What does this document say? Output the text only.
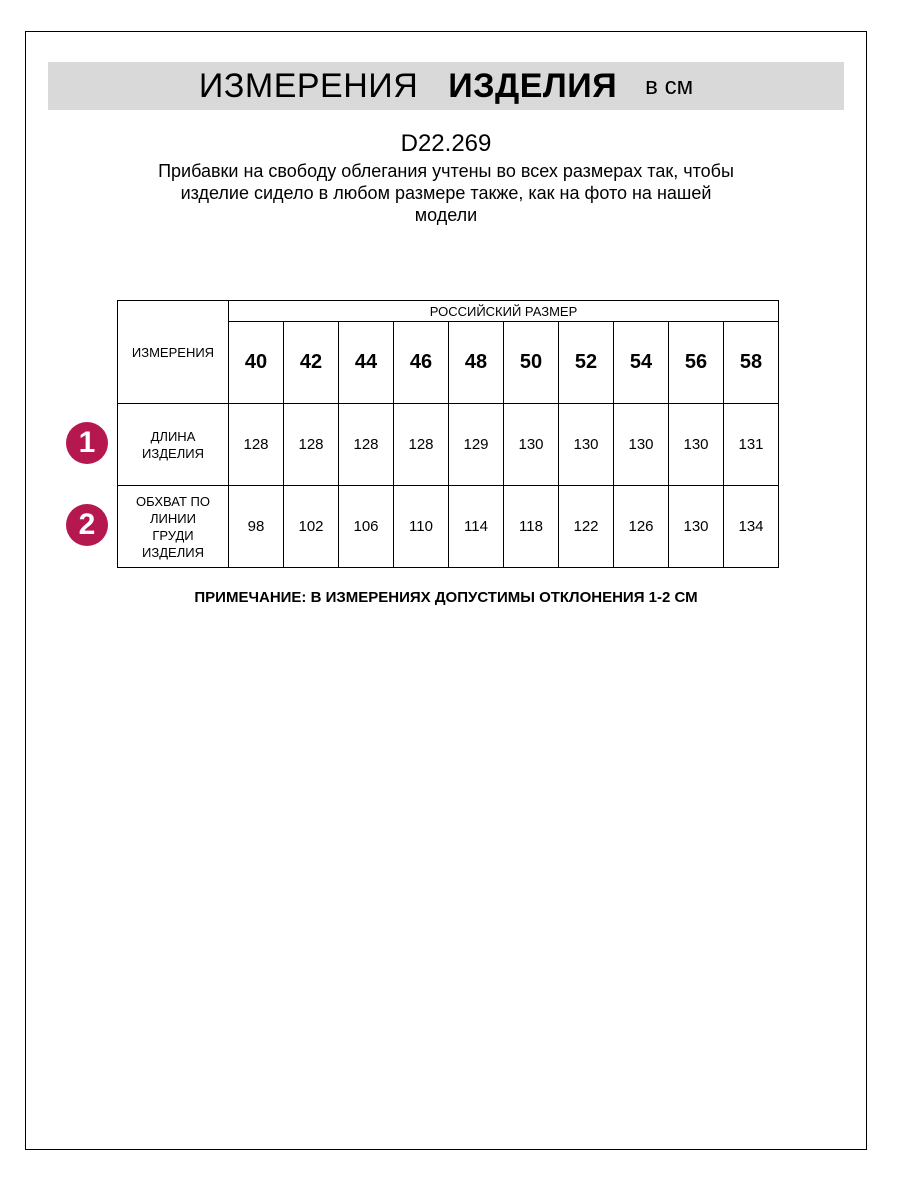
ИЗМЕРЕНИЯ ИЗДЕЛИЯ в см
D22.269
Прибавки на свободу облегания учтены во всех размерах так, чтобы
изделие сидело в любом размере также, как на фото на нашей
модели
ИЗМЕРЕНИЯ	РОССИЙСКИЙ РАЗМЕР									
	40	42	44	46	48	50	52	54	56	58

ДЛИНА
ИЗДЕЛИЯ	128	128	128	128	129	130	130	130	130	131

ОБХВАТ ПО
ЛИНИИ
ГРУДИ
ИЗДЕЛИЯ	98	102	106	110	114	118	122	126	130	134
1
2
ПРИМЕЧАНИЕ: В ИЗМЕРЕНИЯХ ДОПУСТИМЫ ОТКЛОНЕНИЯ 1-2 СМ
